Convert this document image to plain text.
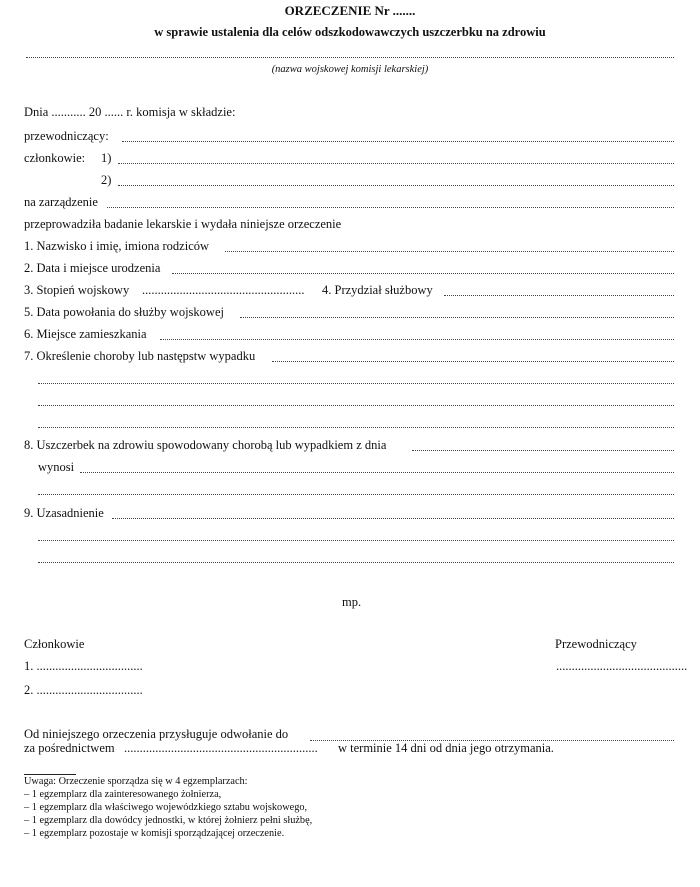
ORZECZENIE Nr .......
w sprawie ustalenia dla celów odszkodowawczych uszczerbku na zdrowiu
(nazwa wojskowej komisji lekarskiej)
Dnia ........... 20 ...... r. komisja w składzie:
przewodniczący:
członkowie: 1)
2)
na zarządzenie
przeprowadziła badanie lekarskie i wydała niniejsze orzeczenie
1. Nazwisko i imię, imiona rodziców
2. Data i miejsce urodzenia
3. Stopień wojskowy .................................................... 4. Przydział służbowy
5. Data powołania do służby wojskowej
6. Miejsce zamieszkania
7. Określenie choroby lub następstw wypadku
8. Uszczerbek na zdrowiu spowodowany chorobą lub wypadkiem z dnia
wynosi
9. Uzasadnienie
mp.
Członkowie	Przewodniczący
1. ..................................	..........................................
2. ..................................
Od niniejszego orzeczenia przysługuje odwołanie do
za pośrednictwem .............................................................. w terminie 14 dni od dnia jego otrzymania.
Uwaga: Orzeczenie sporządza się w 4 egzemplarzach:
– 1 egzemplarz dla zainteresowanego żołnierza,
– 1 egzemplarz dla właściwego wojewódzkiego sztabu wojskowego,
– 1 egzemplarz dla dowódcy jednostki, w której żołnierz pełni służbę,
– 1 egzemplarz pozostaje w komisji sporządzającej orzeczenie.
